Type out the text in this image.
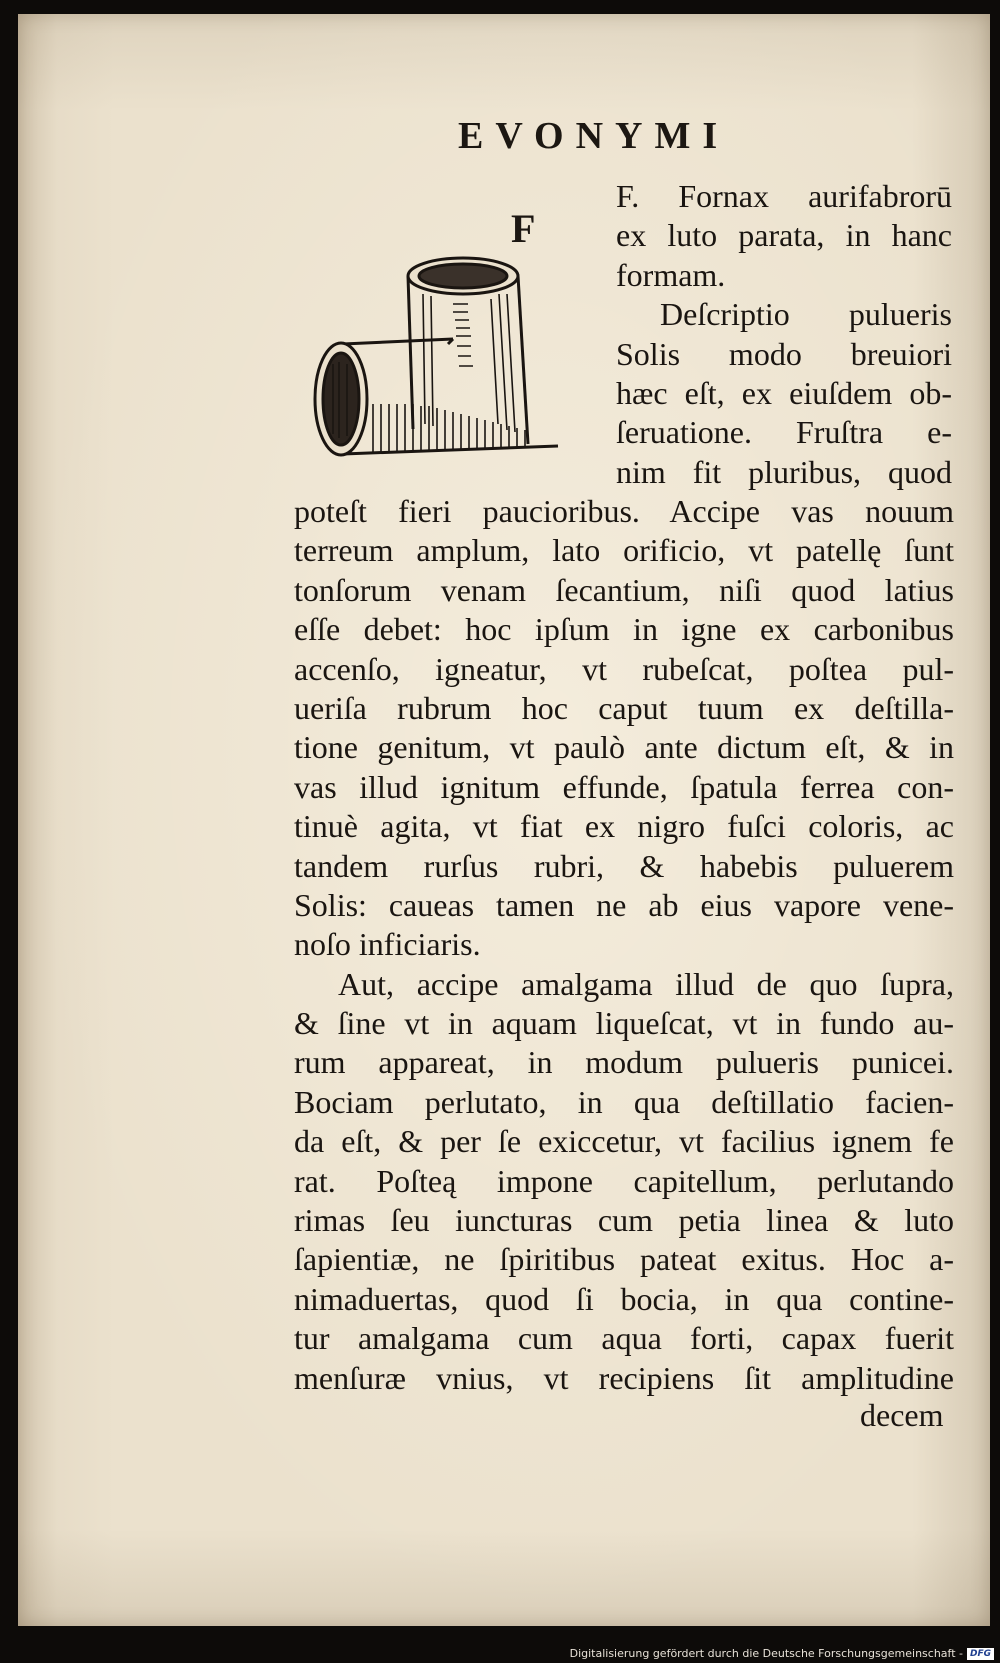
EVONYMI
F
F. Fornax aurifabrorū
ex luto parata, in hanc
formam.
Deſcriptio pulueris
Solis modo breuiori
hæc eſt, ex eiuſdem ob-
ſeruatione. Fruſtra e-
nim fit pluribus, quod
poteſt fieri paucioribus. Accipe vas nouum
terreum amplum, lato orificio, vt patellę ſunt
tonſorum venam ſecantium, niſi quod latius
eſſe debet: hoc ipſum in igne ex carbonibus
accenſo, igneatur, vt rubeſcat, poſtea pul-
ueriſa rubrum hoc caput tuum ex deſtilla-
tione genitum, vt paulò ante dictum eſt, & in
vas illud ignitum effunde, ſpatula ferrea con-
tinuè agita, vt fiat ex nigro fuſci coloris, ac
tandem rurſus rubri, & habebis puluerem
Solis: caueas tamen ne ab eius vapore vene-
noſo inficiaris.
Aut, accipe amalgama illud de quo ſupra,
& ſine vt in aquam liqueſcat, vt in fundo au-
rum appareat, in modum pulueris punicei.
Bociam perlutato, in qua deſtillatio facien-
da eſt, & per ſe exiccetur, vt facilius ignem fe
rat. Poſteą impone capitellum, perlutando
rimas ſeu iuncturas cum petia linea & luto
ſapientiæ, ne ſpiritibus pateat exitus. Hoc a-
nimaduertas, quod ſi bocia, in qua contine-
tur amalgama cum aqua forti, capax fuerit
menſuræ vnius, vt recipiens ſit amplitudine
decem
Digitalisierung gefördert durch die Deutsche Forschungsgemeinschaft - DFG
